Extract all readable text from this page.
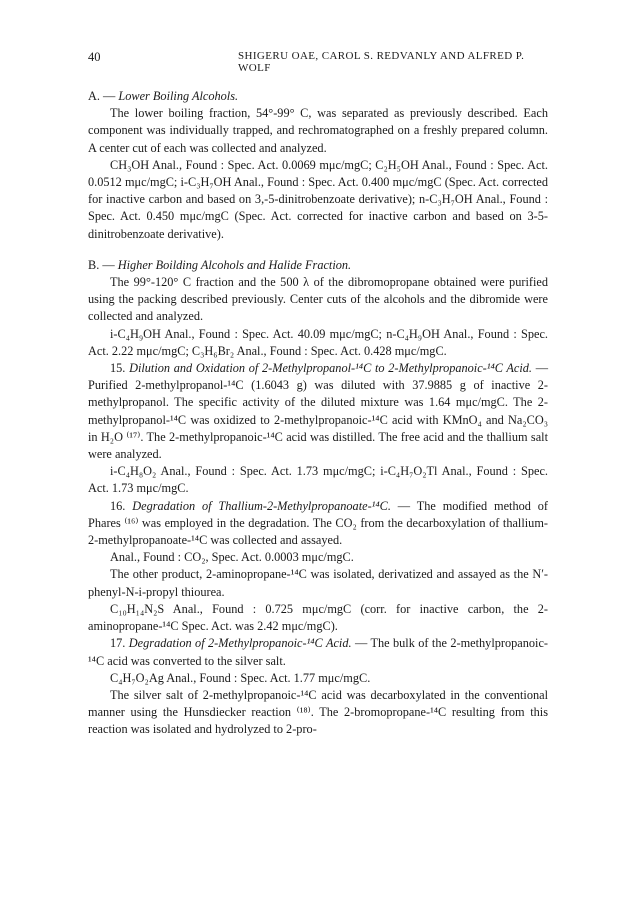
40	SHIGERU OAE, CAROL S. REDVANLY AND ALFRED P. WOLF

A. — Lower Boiling Alcohols.

The lower boiling fraction, 54°-99° C, was separated as previously described. Each component was individually trapped, and rechromatographed on a freshly prepared column. A center cut of each was collected and analyzed.

CH₃OH Anal., Found : Spec. Act. 0.0069 mμc/mgC; C₂H₅OH Anal., Found : Spec. Act. 0.0512 mμc/mgC; i-C₃H₇OH Anal., Found : Spec. Act. 0.400 mμc/mgC (Spec. Act. corrected for inactive carbon and based on 3,-5-dinitrobenzoate derivative); n-C₃H₇OH Anal., Found : Spec. Act. 0.450 mμc/mgC (Spec. Act. corrected for inactive carbon and based on 3-5-dinitrobenzoate derivative).

B. — Higher Boilding Alcohols and Halide Fraction.

The 99°-120° C fraction and the 500 λ of the dibromopropane obtained were purified using the packing described previously. Center cuts of the alcohols and the dibromide were collected and analyzed.

i-C₄H₉OH Anal., Found : Spec. Act. 40.09 mμc/mgC; n-C₄H₉OH Anal., Found : Spec. Act. 2.22 mμc/mgC; C₃H₆Br₂ Anal., Found : Spec. Act. 0.428 mμc/mgC.

15. Dilution and Oxidation of 2-Methylpropanol-¹⁴C to 2-Methylpropanoic-¹⁴C Acid. — Purified 2-methylpropanol-¹⁴C (1.6043 g) was diluted with 37.9885 g of inactive 2-methylpropanol. The specific activity of the diluted mixture was 1.64 mμc/mgC. The 2-methylpropanol-¹⁴C was oxidized to 2-methylpropanoic-¹⁴C acid with KMnO₄ and Na₂CO₃ in H₂O ⁽¹⁷⁾. The 2-methylpropanoic-¹⁴C acid was distilled. The free acid and the thallium salt were analyzed.

i-C₄H₈O₂ Anal., Found : Spec. Act. 1.73 mμc/mgC; i-C₄H₇O₂Tl Anal., Found : Spec. Act. 1.73 mμc/mgC.

16. Degradation of Thallium-2-Methylpropanoate-¹⁴C. — The modified method of Phares ⁽¹⁶⁾ was employed in the degradation. The CO₂ from the decarboxylation of thallium-2-methylpropanoate-¹⁴C was collected and assayed.

Anal., Found : CO₂, Spec. Act. 0.0003 mμc/mgC.

The other product, 2-aminopropane-¹⁴C was isolated, derivatized and assayed as the N′-phenyl-N-i-propyl thiourea.

C₁₀H₁₄N₂S Anal., Found : 0.725 mμc/mgC (corr. for inactive carbon, the 2-aminopropane-¹⁴C Spec. Act. was 2.42 mμc/mgC).

17. Degradation of 2-Methylpropanoic-¹⁴C Acid. — The bulk of the 2-methylpropanoic-¹⁴C acid was converted to the silver salt.

C₄H₇O₂Ag Anal., Found : Spec. Act. 1.77 mμc/mgC.

The silver salt of 2-methylpropanoic-¹⁴C acid was decarboxylated in the conventional manner using the Hunsdiecker reaction ⁽¹⁸⁾. The 2-bromopropane-¹⁴C resulting from this reaction was isolated and hydrolyzed to 2-pro-
